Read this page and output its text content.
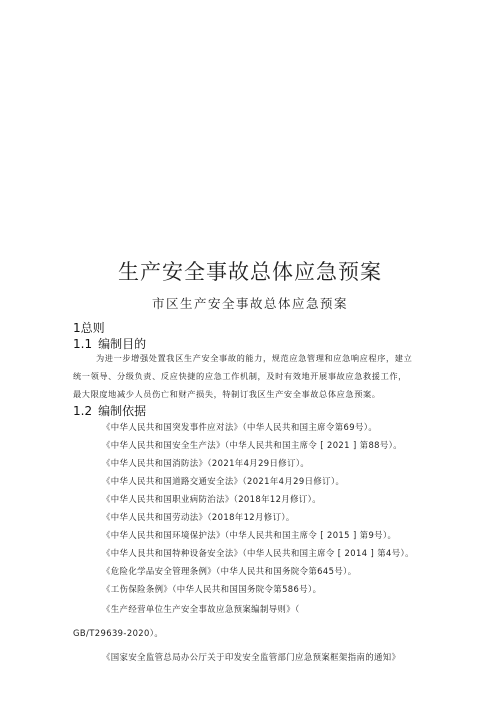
生产安全事故总体应急预案
市区生产安全事故总体应急预案
1总则
1.1 编制目的
为进一步增强处置我区生产安全事故的能力，规范应急管理和应急响应程序，建立
统一领导、分级负责、反应快捷的应急工作机制，及时有效地开展事故应急救援工作，
最大限度地减少人员伤亡和财产损失，特制订我区生产安全事故总体应急预案。
1.2 编制依据
《中华人民共和国突发事件应对法》（中华人民共和国主席令第69号）。
《中华人民共和国安全生产法》（中华人民共和国主席令 [ 2021 ] 第88号）。
《中华人民共和国消防法》（2021年4月29日修订）。
《中华人民共和国道路交通安全法》（2021年4月29日修订）。
《中华人民共和国职业病防治法》（2018年12月修订）。
《中华人民共和国劳动法》（2018年12月修订）。
《中华人民共和国环境保护法》（中华人民共和国主席令 [ 2015 ] 第9号）。
《中华人艮共和国特种设备安全法》（中华人民共和国主席令 [ 2014 ] 第4号）。
《危险化学品安全管理条例》（中华人民共和国务院令第645号）。
《工伤保险条例》（中华人民共和国国务院令第586号）。
《生产经营单位生产安全事故应急预案编制导则》（
GB/T29639-2020）。
《国家安全监管总局办公厅关于印发安全监管部门应急预案框架指南的通知》
